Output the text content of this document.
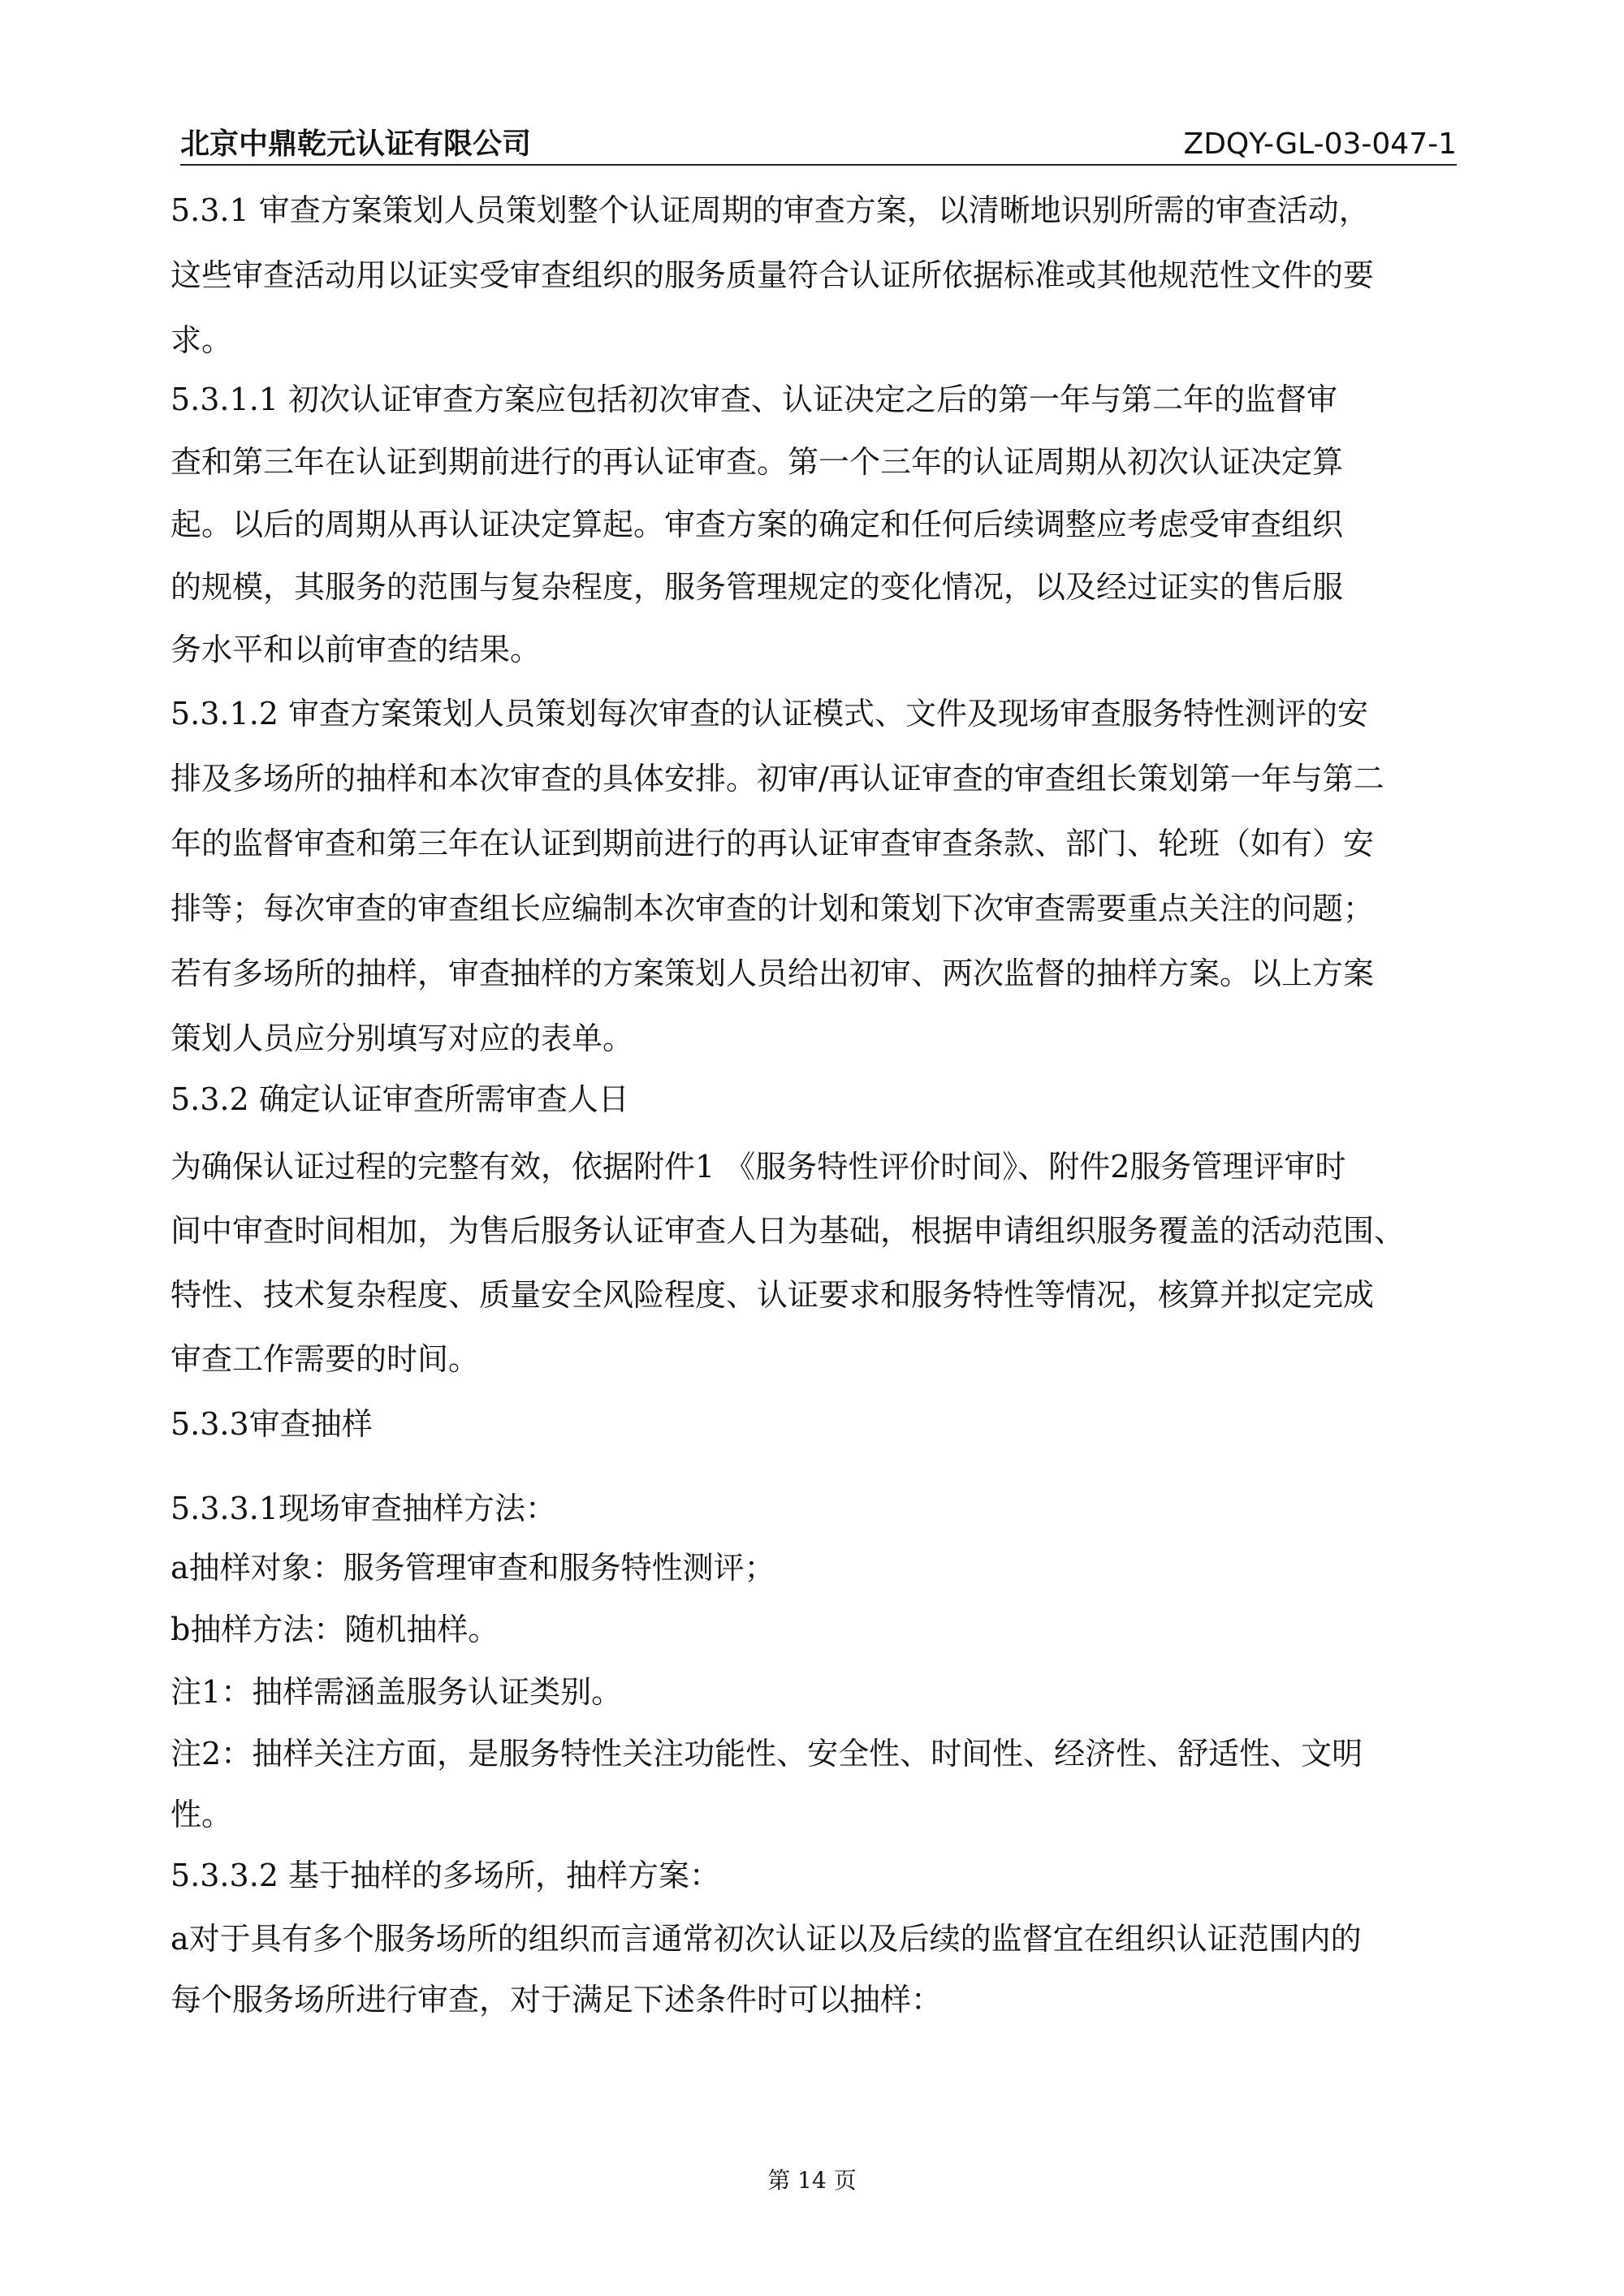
北京中鼎乾元认证有限公司	ZDQY-GL-03-047-1
5.3.1 审查方案策划人员策划整个认证周期的审查方案，以清晰地识别所需的审查活动，
这些审查活动用以证实受审查组织的服务质量符合认证所依据标准或其他规范性文件的要
求。
5.3.1.1 初次认证审查方案应包括初次审查、认证决定之后的第一年与第二年的监督审
查和第三年在认证到期前进行的再认证审查。第一个三年的认证周期从初次认证决定算
起。以后的周期从再认证决定算起。审查方案的确定和任何后续调整应考虑受审查组织
的规模，其服务的范围与复杂程度，服务管理规定的变化情况，以及经过证实的售后服
务水平和以前审查的结果。
5.3.1.2 审查方案策划人员策划每次审查的认证模式、文件及现场审查服务特性测评的安
排及多场所的抽样和本次审查的具体安排。初审/再认证审查的审查组长策划第一年与第二
年的监督审查和第三年在认证到期前进行的再认证审查审查条款、部门、轮班（如有）安
排等；每次审查的审查组长应编制本次审查的计划和策划下次审查需要重点关注的问题；
若有多场所的抽样，审查抽样的方案策划人员给出初审、两次监督的抽样方案。以上方案
策划人员应分别填写对应的表单。
5.3.2 确定认证审查所需审查人日
为确保认证过程的完整有效，依据附件1 《服务特性评价时间》、附件2服务管理评审时
间中审查时间相加，为售后服务认证审查人日为基础，根据申请组织服务覆盖的活动范围、
特性、技术复杂程度、质量安全风险程度、认证要求和服务特性等情况，核算并拟定完成
审查工作需要的时间。
5.3.3审查抽样
5.3.3.1现场审查抽样方法：
a抽样对象：服务管理审查和服务特性测评；
b抽样方法：随机抽样。
注1：抽样需涵盖服务认证类别。
注2：抽样关注方面，是服务特性关注功能性、安全性、时间性、经济性、舒适性、文明
性。
5.3.3.2 基于抽样的多场所，抽样方案：
a对于具有多个服务场所的组织而言通常初次认证以及后续的监督宜在组织认证范围内的
每个服务场所进行审查，对于满足下述条件时可以抽样：
第 14 页
